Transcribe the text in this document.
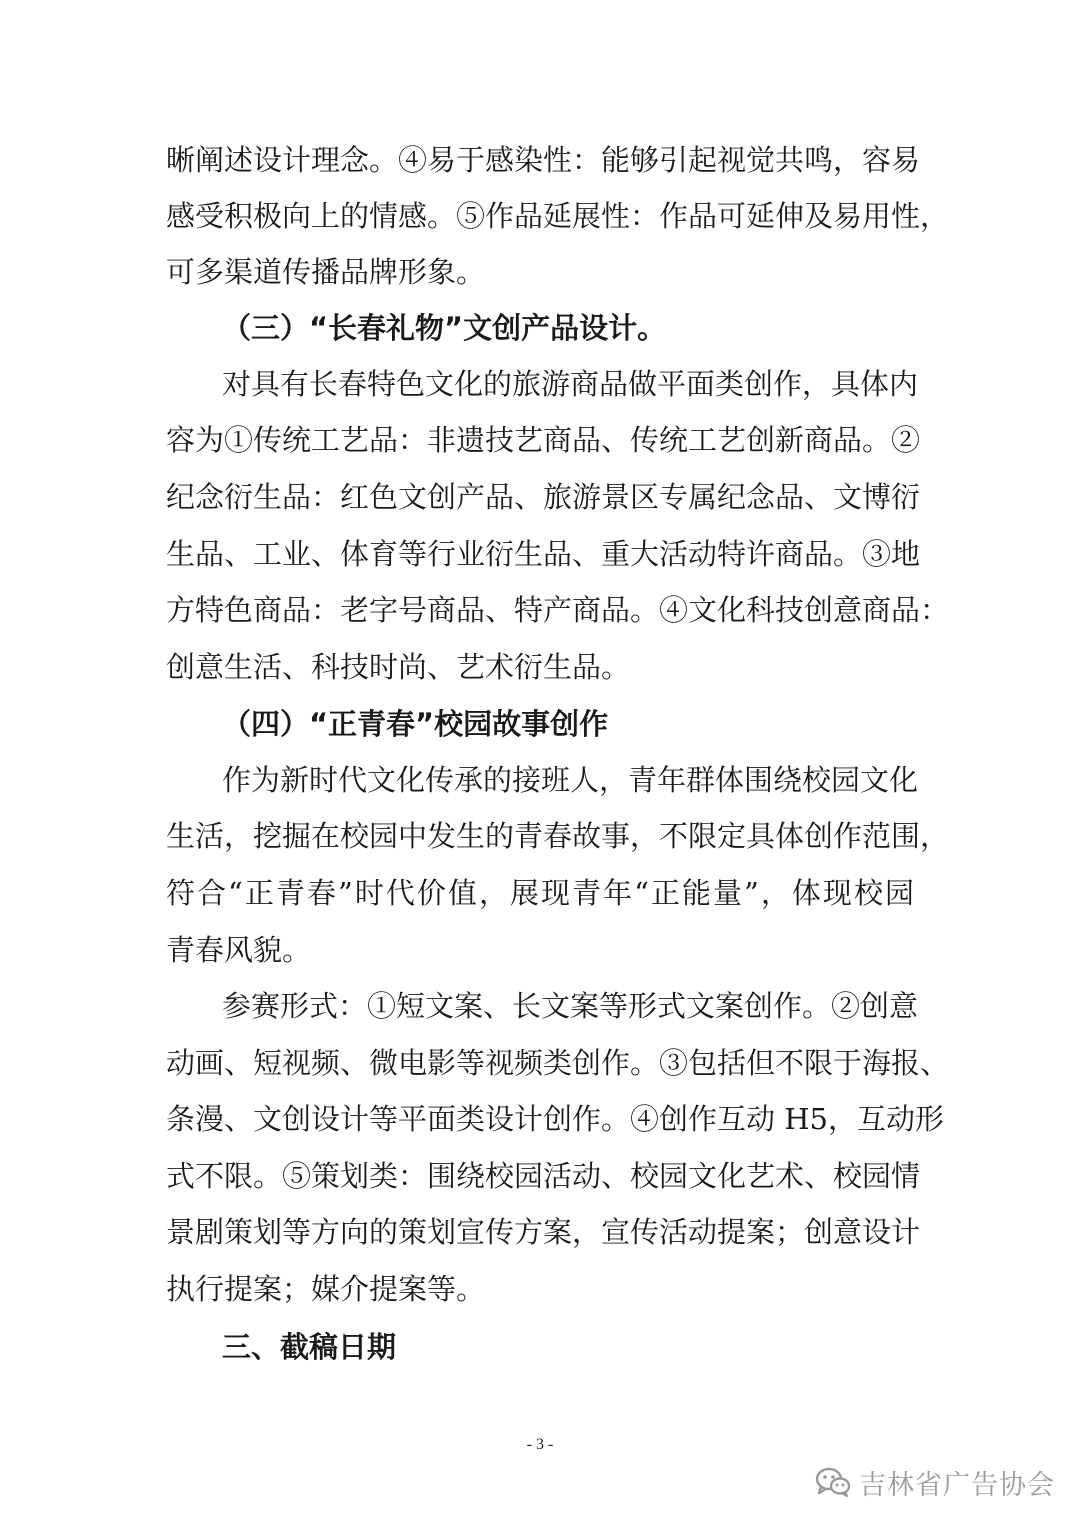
晰阐述设计理念。④易于感染性：能够引起视觉共鸣，容易
感受积极向上的情感。⑤作品延展性：作品可延伸及易用性，
可多渠道传播品牌形象。
（三）“长春礼物”文创产品设计。
对具有长春特色文化的旅游商品做平面类创作，具体内
容为①传统工艺品：非遗技艺商品、传统工艺创新商品。②
纪念衍生品：红色文创产品、旅游景区专属纪念品、文博衍
生品、工业、体育等行业衍生品、重大活动特许商品。③地
方特色商品：老字号商品、特产商品。④文化科技创意商品：
创意生活、科技时尚、艺术衍生品。
（四）“正青春”校园故事创作
作为新时代文化传承的接班人，青年群体围绕校园文化
生活，挖掘在校园中发生的青春故事，不限定具体创作范围，
符合“正青春”时代价值，展现青年“正能量”，体现校园
青春风貌。
参赛形式：①短文案、长文案等形式文案创作。②创意
动画、短视频、微电影等视频类创作。③包括但不限于海报、
条漫、文创设计等平面类设计创作。④创作互动 H5，互动形
式不限。⑤策划类：围绕校园活动、校园文化艺术、校园情
景剧策划等方向的策划宣传方案，宣传活动提案；创意设计
执行提案；媒介提案等。
三、截稿日期
- 3 -
吉林省广告协会
